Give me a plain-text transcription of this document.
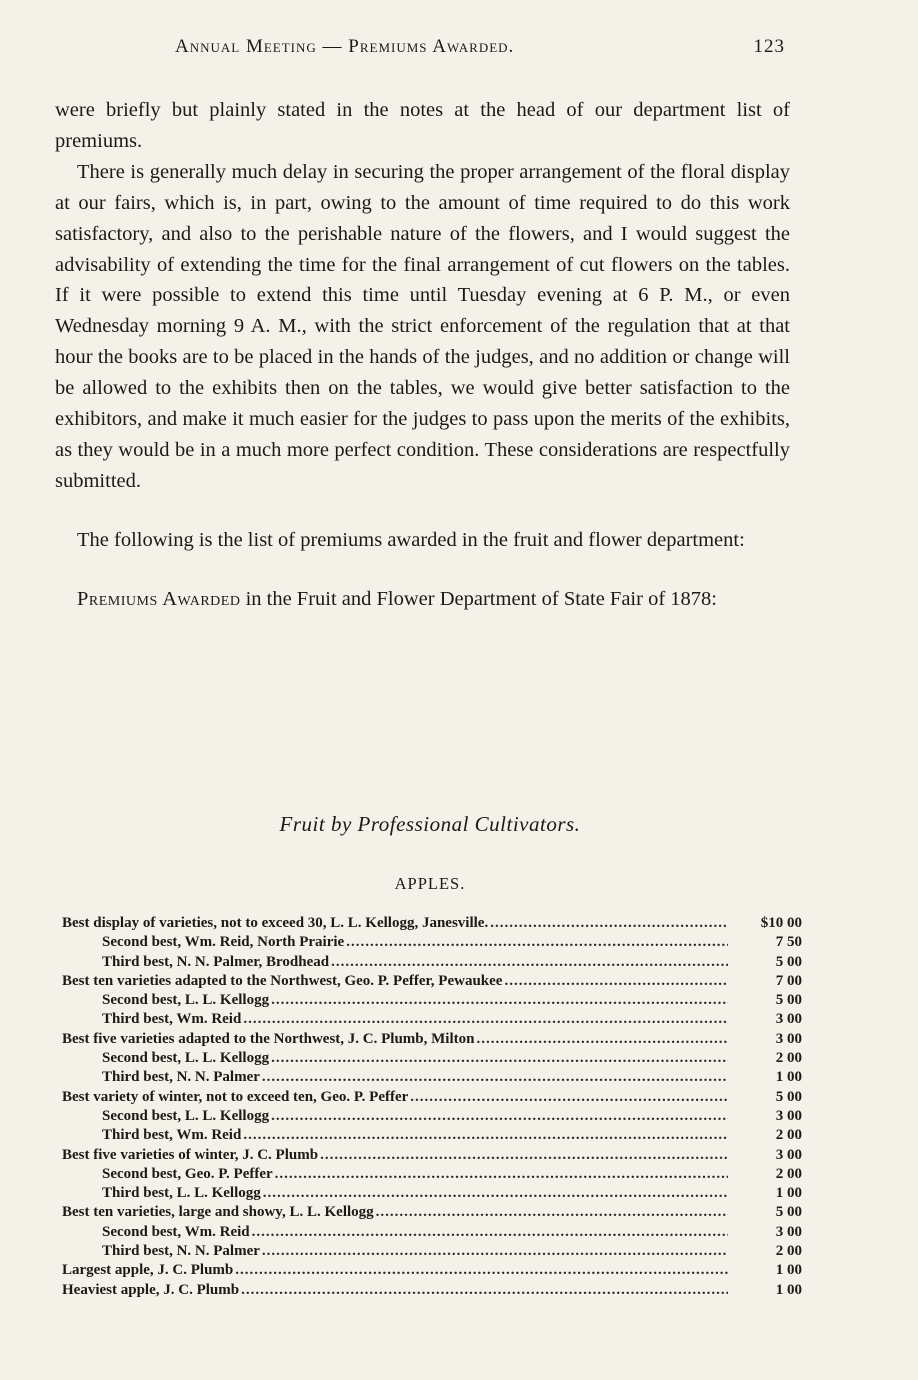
Annual Meeting — Premiums Awarded.	123

were briefly but plainly stated in the notes at the head of our department list of premiums.

There is generally much delay in securing the proper arrangement of the floral display at our fairs, which is, in part, owing to the amount of time required to do this work satisfactory, and also to the perishable nature of the flowers, and I would suggest the advisability of extending the time for the final arrangement of cut flowers on the tables. If it were possible to extend this time until Tuesday evening at 6 P. M., or even Wednesday morning 9 A. M., with the strict enforcement of the regulation that at that hour the books are to be placed in the hands of the judges, and no addition or change will be allowed to the exhibits then on the tables, we would give better satisfaction to the exhibitors, and make it much easier for the judges to pass upon the merits of the exhibits, as they would be in a much more perfect condition. These considerations are respectfully submitted.

The following is the list of premiums awarded in the fruit and flower department:

Premiums Awarded in the Fruit and Flower Department of State Fair of 1878:

Fruit by Professional Cultivators.
APPLES.
Best display of varieties, not to exceed 30, L. L. Kellogg, Janesville. .....	$10 00
Second best, Wm. Reid, North Prairie .....	7 50
Third best, N. N. Palmer, Brodhead .....	5 00
Best ten varieties adapted to the Northwest, Geo. P. Peffer, Pewaukee .....	7 00
Second best, L. L. Kellogg .....	5 00
Third best, Wm. Reid .....	3 00
Best five varieties adapted to the Northwest, J. C. Plumb, Milton .....	3 00
Second best, L. L. Kellogg .....	2 00
Third best, N. N. Palmer .....	1 00
Best variety of winter, not to exceed ten, Geo. P. Peffer .....	5 00
Second best, L. L. Kellogg .....	3 00
Third best, Wm. Reid .....	2 00
Best five varieties of winter, J. C. Plumb .....	3 00
Second best, Geo. P. Peffer .....	2 00
Third best, L. L. Kellogg .....	1 00
Best ten varieties, large and showy, L. L. Kellogg .....	5 00
Second best, Wm. Reid .....	3 00
Third best, N. N. Palmer .....	2 00
Largest apple, J. C. Plumb .....	1 00
Heaviest apple, J. C. Plumb .....	1 00
